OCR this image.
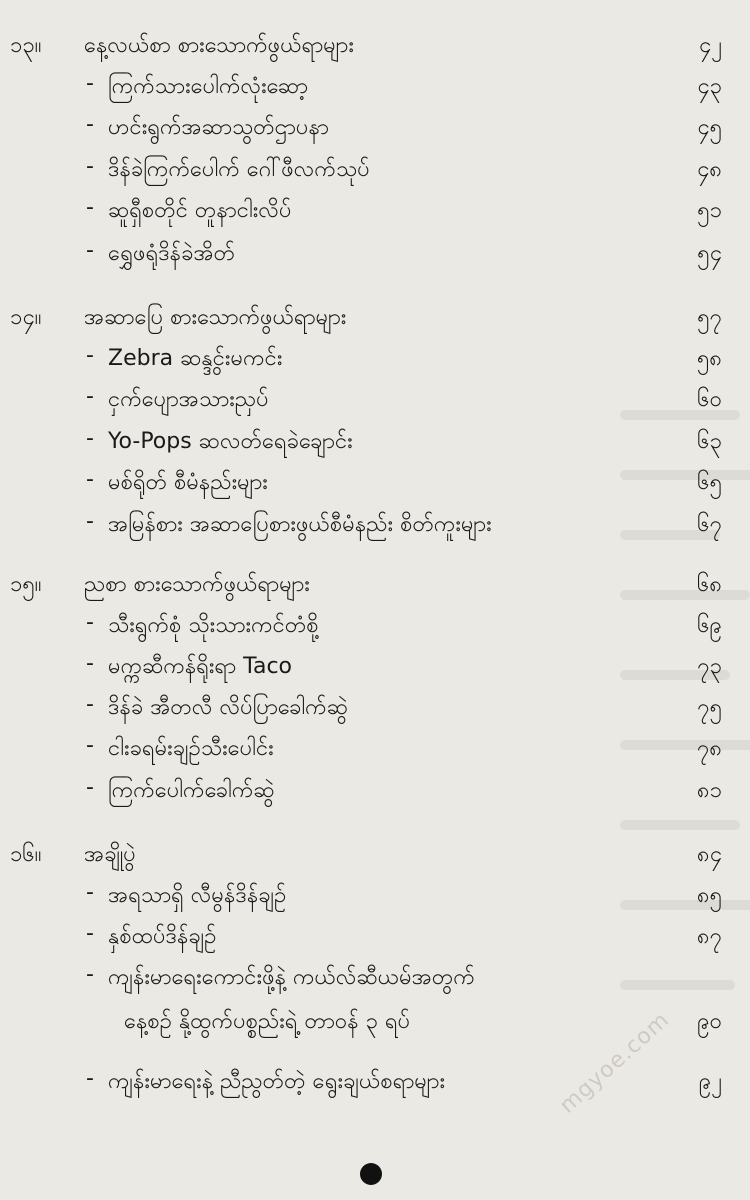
၁၃။ နေ့လယ်စာ စားသောက်ဖွယ်ရာများ	၄၂
- ကြက်သားပေါက်လုံးဆော့	၄၃
- ဟင်းရွက်အဆာသွတ်ဌာပနာ	၄၅
- ဒိန်ခဲကြက်ပေါက် ဂေါ်ဖီလက်သုပ်	၄၈
- ဆူရှီစတိုင် တူနာငါးလိပ်	၅၁
- ရွှေဖရုံဒိန်ခဲအိတ်	၅၄
၁၄။ အဆာပြေ စားသောက်ဖွယ်ရာများ	၅၇
- Zebra ဆန္ဒွင်းမကင်း	၅၈
- ငှက်ပျောအသားညှပ်	၆၀
- Yo-Pops ဆလတ်ရေခဲချောင်း	၆၃
- မစ်ရိုတ် စီမံနည်းများ	၆၅
- အမြန်စား အဆာပြေစားဖွယ်စီမံနည်း စိတ်ကူးများ	၆၇
၁၅။ ညစာ စားသောက်ဖွယ်ရာများ	၆၈
- သီးရွက်စုံ သိုးသားကင်တံစို့	၆၉
- မက္ကဆီကန်ရိုးရာ Taco	၇၃
- ဒိန်ခဲ အီတလီ လိပ်ပြာခေါက်ဆွဲ	၇၅
- ငါးခရမ်းချဉ်သီးပေါင်း	၇၈
- ကြက်ပေါက်ခေါက်ဆွဲ	၈၁
၁၆။ အချိုပွဲ	၈၄
- အရသာရှိ လီမွန်ဒိန်ချဉ်	၈၅
- နှစ်ထပ်ဒိန်ချဉ်	၈၇
- ကျန်းမာရေးကောင်းဖို့နဲ့ ကယ်လ်ဆီယမ်အတွက်
နေ့စဉ် နို့ထွက်ပစ္စည်းရဲ့ တာဝန် ၃ ရပ်	၉၀
- ကျန်းမာရေးနဲ့ ညီညွတ်တဲ့ ရွေးချယ်စရာများ	၉၂
mgyoe.com
